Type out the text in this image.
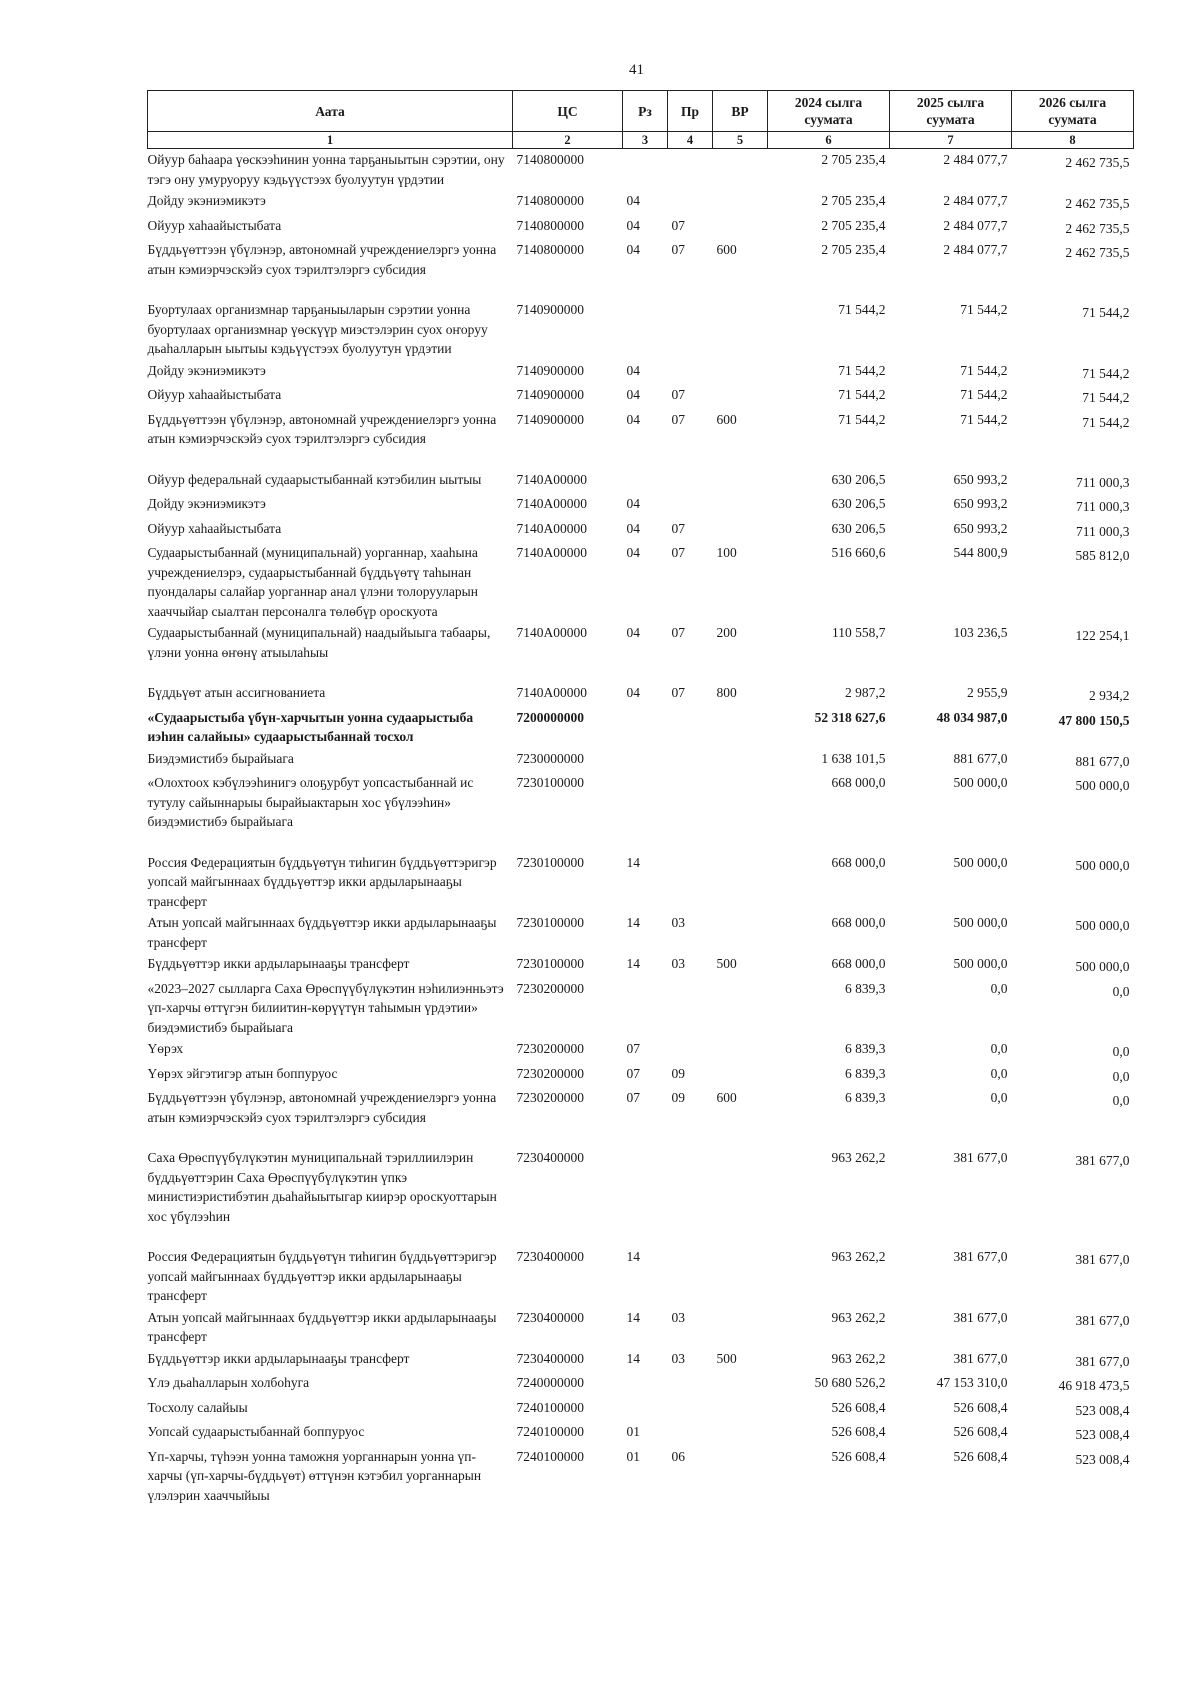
41
Аата	ЦС	Рз	Пр	ВР	2024 сылга суумата	2025 сылга суумата	2026 сылга суумата
1	2	3	4	5	6	7	8
Ойуур баһаара үөскээһинин уонна тарҕаныытын сэрэтии, ону тэгэ ону умуруоруу кэдьүүстээх буолуутун үрдэтии	7140800000				2 705 235,4	2 484 077,7	2 462 735,5
Дойду экэниэмикэтэ	7140800000	04			2 705 235,4	2 484 077,7	2 462 735,5
Ойуур хаһаайыстыбата	7140800000	04	07		2 705 235,4	2 484 077,7	2 462 735,5
Бүддьүөттээн үбүлэнэр, автономнай учреждениелэргэ уонна атын кэмиэрчэскэйэ суох тэрилтэлэргэ субсидия	7140800000	04	07	600	2 705 235,4	2 484 077,7	2 462 735,5
Буортулаах организмнар тарҕаныыларын сэрэтии уонна буортулаах организмнар үөскүүр миэстэлэрин суох оҥоруу дьаһалларын ыытыы кэдьүүстээх буолуутун үрдэтии	7140900000				71 544,2	71 544,2	71 544,2
Дойду экэниэмикэтэ	7140900000	04			71 544,2	71 544,2	71 544,2
Ойуур хаһаайыстыбата	7140900000	04	07		71 544,2	71 544,2	71 544,2
Бүддьүөттээн үбүлэнэр, автономнай учреждениелэргэ уонна атын кэмиэрчэскэйэ суох тэрилтэлэргэ субсидия	7140900000	04	07	600	71 544,2	71 544,2	71 544,2
Ойуур федеральнай судаарыстыбаннай кэтэбилин ыытыы	7140A00000				630 206,5	650 993,2	711 000,3
Дойду экэниэмикэтэ	7140A00000	04			630 206,5	650 993,2	711 000,3
Ойуур хаһаайыстыбата	7140A00000	04	07		630 206,5	650 993,2	711 000,3
Судаарыстыбаннай (муниципальнай) уорганнар, хааһына учреждениелэрэ, судаарыстыбаннай бүддьүөтү таһынан пуондалары салайар уорганнар анал үлэни толорууларын хааччыйар сыалтан персоналга төлөбүр ороскуота	7140A00000	04	07	100	516 660,6	544 800,9	585 812,0
Судаарыстыбаннай (муниципальнай) наадыйыыга табаары, үлэни уонна өҥөнү атыылаһыы	7140A00000	04	07	200	110 558,7	103 236,5	122 254,1
Бүддьүөт атын ассигнованиета	7140A00000	04	07	800	2 987,2	2 955,9	2 934,2
«Судаарыстыба үбүн-харчытын уонна судаарыстыба иэһин салайыы» судаарыстыбаннай тосхол	7200000000				52 318 627,6	48 034 987,0	47 800 150,5
Биэдэмистибэ бырайыага	7230000000				1 638 101,5	881 677,0	881 677,0
«Олохтоох кэбүлээһинигэ олоҕурбут уопсастыбаннай ис тутулу сайыннарыы бырайыактарын хос үбүлээһин» биэдэмистибэ бырайыага	7230100000				668 000,0	500 000,0	500 000,0
Россия Федерациятын бүддьүөтүн тиһигин бүддьүөттэригэр уопсай майгыннаах бүддьүөттэр икки ардыларынааҕы трансферт	7230100000	14			668 000,0	500 000,0	500 000,0
Атын уопсай майгыннаах бүддьүөттэр икки ардыларынааҕы трансферт	7230100000	14	03		668 000,0	500 000,0	500 000,0
Бүддьүөттэр икки ардыларынааҕы трансферт	7230100000	14	03	500	668 000,0	500 000,0	500 000,0
«2023–2027 сылларга Саха Өрөспүүбүлүкэтин нэһилиэнньэтэ үп-харчы өттүгэн билиитин-көрүүтүн таһымын үрдэтии» биэдэмистибэ бырайыага	7230200000				6 839,3	0,0	0,0
Үөрэх	7230200000	07			6 839,3	0,0	0,0
Үөрэх эйгэтигэр атын боппуруос	7230200000	07	09		6 839,3	0,0	0,0
Бүддьүөттээн үбүлэнэр, автономнай учреждениелэргэ уонна атын кэмиэрчэскэйэ суох тэрилтэлэргэ субсидия	7230200000	07	09	600	6 839,3	0,0	0,0
Саха Өрөспүүбүлүкэтин муниципальнай тэриллиилэрин бүддьүөттэрин Саха Өрөспүүбүлүкэтин үпкэ министиэристибэтин дьаһайыытыгар киирэр ороскуоттарын хос үбүлээһин	7230400000				963 262,2	381 677,0	381 677,0
Россия Федерациятын бүддьүөтүн тиһигин бүддьүөттэригэр уопсай майгыннаах бүддьүөттэр икки ардыларынааҕы трансферт	7230400000	14			963 262,2	381 677,0	381 677,0
Атын уопсай майгыннаах бүддьүөттэр икки ардыларынааҕы трансферт	7230400000	14	03		963 262,2	381 677,0	381 677,0
Бүддьүөттэр икки ардыларынааҕы трансферт	7230400000	14	03	500	963 262,2	381 677,0	381 677,0
Үлэ дьаһалларын холбоһуга	7240000000				50 680 526,2	47 153 310,0	46 918 473,5
Тосхолу салайыы	7240100000				526 608,4	526 608,4	523 008,4
Уопсай судаарыстыбаннай боппуруос	7240100000	01			526 608,4	526 608,4	523 008,4
Үп-харчы, түһээн уонна таможня уорганнарын уонна үп-харчы (үп-харчы-бүддьүөт) өттүнэн кэтэбил уорганнарын үлэлэрин хааччыйыы	7240100000	01	06		526 608,4	526 608,4	523 008,4
